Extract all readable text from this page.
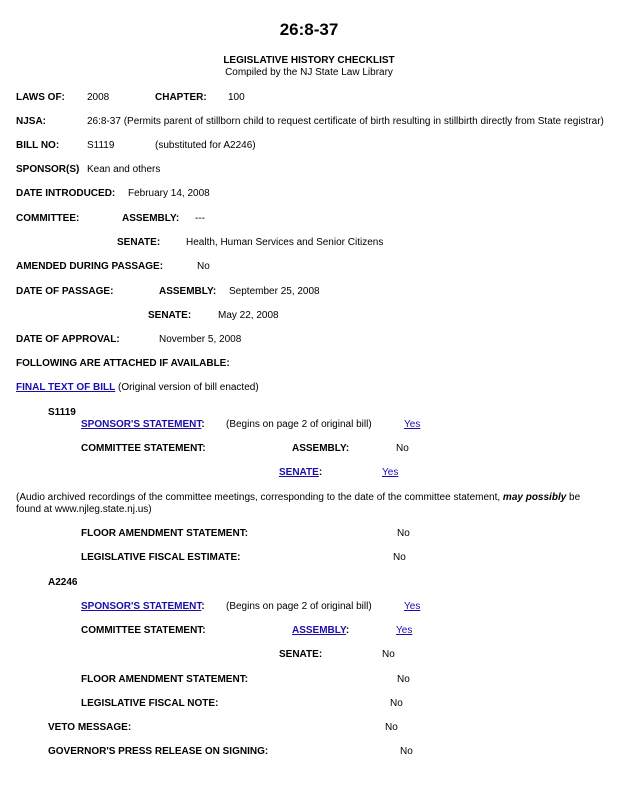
26:8-37
LEGISLATIVE HISTORY CHECKLIST
Compiled by the NJ State Law Library
LAWS OF: 2008	CHAPTER: 100
NJSA:	26:8-37 (Permits parent of stillborn child to request certificate of birth resulting in stillbirth directly from State registrar)
BILL NO:	S1119	(substituted for A2246)
SPONSOR(S) Kean and others
DATE INTRODUCED: February 14, 2008
COMMITTEE:	ASSEMBLY: ---
SENATE:	Health, Human Services and Senior Citizens
AMENDED DURING PASSAGE:	No
DATE OF PASSAGE:	ASSEMBLY: September 25, 2008
SENATE:	May 22, 2008
DATE OF APPROVAL:	November 5, 2008
FOLLOWING ARE ATTACHED IF AVAILABLE:
FINAL TEXT OF BILL (Original version of bill enacted)
S1119
SPONSOR'S STATEMENT: (Begins on page 2 of original bill)	Yes
COMMITTEE STATEMENT:	ASSEMBLY:	No
SENATE:	Yes
(Audio archived recordings of the committee meetings, corresponding to the date of the committee statement, may possibly be found at www.njleg.state.nj.us)
FLOOR AMENDMENT STATEMENT:	No
LEGISLATIVE FISCAL ESTIMATE:	No
A2246
SPONSOR'S STATEMENT: (Begins on page 2 of original bill)	Yes
COMMITTEE STATEMENT:	ASSEMBLY:	Yes
SENATE:	No
FLOOR AMENDMENT STATEMENT:	No
LEGISLATIVE FISCAL NOTE:	No
VETO MESSAGE:	No
GOVERNOR'S PRESS RELEASE ON SIGNING:	No
